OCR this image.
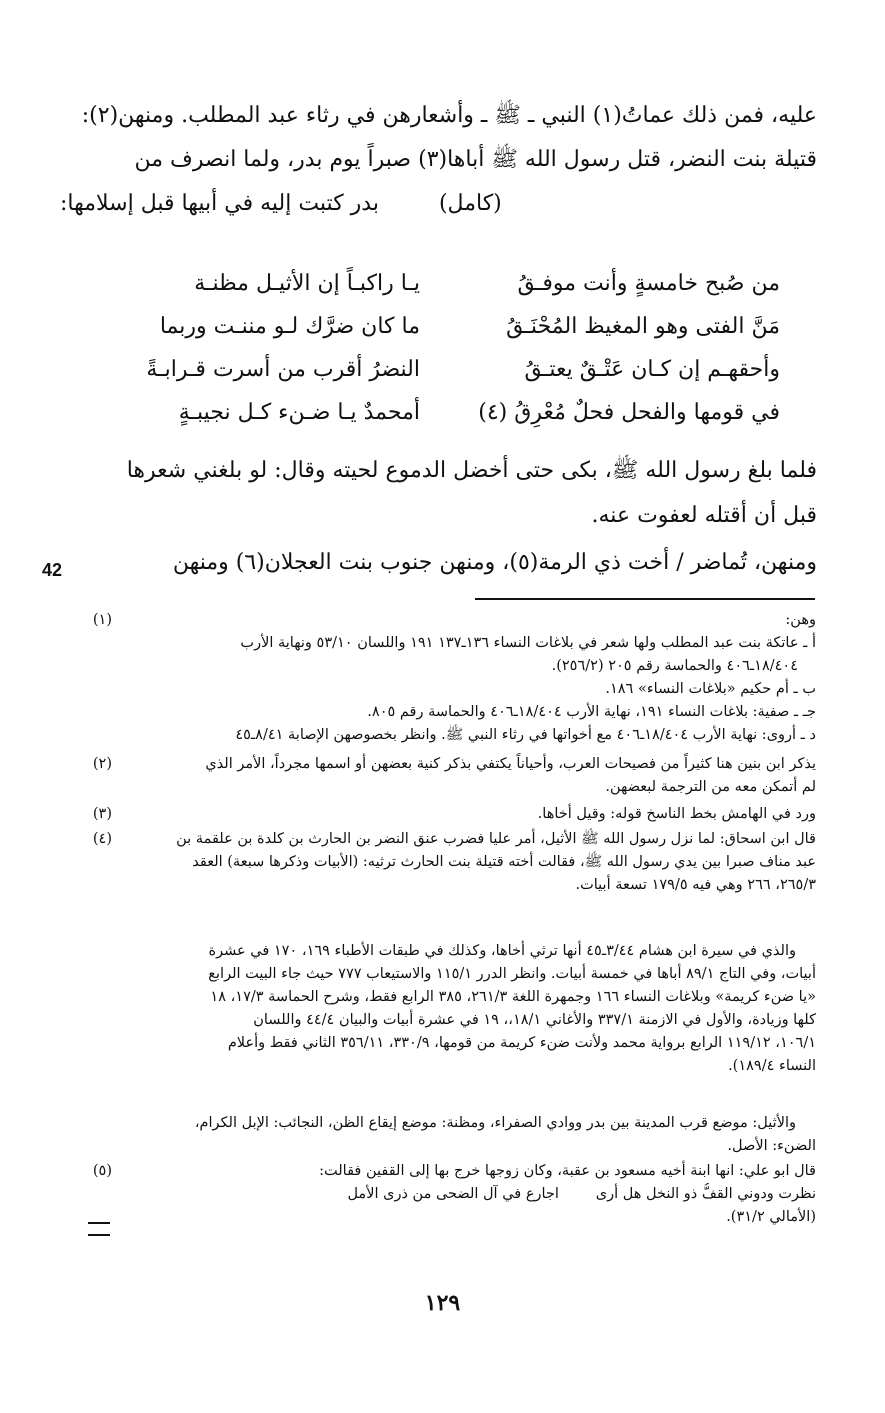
عليه، فمن ذلك عماتُ(١) النبي ـ ﷺ ـ وأشعارهن في رثاء عبد المطلب. ومنهن(٢):
قتيلة بنت النضر، قتل رسول الله ﷺ أباها(٣) صبراً يوم بدر، ولما انصرف من
بدر كتبت إليه في أبيها قبل إسلامها:	(كامل)
يـا راكبـاً إن الأثيـل مظنـة	من صُبح خامسةٍ وأنت موفـقُ
ما كان ضرَّك لـو مننـت وربما	مَنَّ الفتى وهو المغيظ المُحْنَـقُ
النضرُ أقرب من أسرت قـرابـةً	وأحقهـم إن كـان عَتْـقٌ يعتـقُ
أمحمدٌ يـا ضـنء كـل نجيبـةٍ	في قومها والفحل فحلٌ مُعْرِقُ (٤)
فلما بلغ رسول الله ﷺ، بكى حتى أخضل الدموع لحيته وقال: لو بلغني شعرها
قبل أن أقتله لعفوت عنه.
ومنهن، تُماضر / أخت ذي الرمة(٥)، ومنهن جنوب بنت العجلان(٦) ومنهن
42
(١)	وهن:
أ ـ عاتكة بنت عبد المطلب ولها شعر في بلاغات النساء ١٣٦ـ١٣٧ ١٩١ واللسان ٥٣/١٠ ونهاية الأرب
١٨/٤٠٤ـ٤٠٦ والحماسة رقم ٢٠٥ (٢٥٦/٢).
ب ـ أم حكيم «بلاغات النساء» ١٨٦.
جـ ـ صفية: بلاغات النساء ١٩١، نهاية الأرب ١٨/٤٠٤ـ٤٠٦ والحماسة رقم ٨٠٥.
د ـ أروى: نهاية الأرب ١٨/٤٠٤ـ٤٠٦ مع أخواتها في رثاء النبي ﷺ. وانظر بخصوصهن الإصابة ٨/٤١ـ٤٥
(٢)	يذكر ابن بنين هنا كثيراً من فصيحات العرب، وأحياناً يكتفي بذكر كنية بعضهن أو اسمها مجرداً، الأمر الذي
لم أتمكن معه من الترجمة لبعضهن.
(٣)	ورد في الهامش بخط الناسخ قوله: وقيل أخاها.
(٤)	قال ابن اسحاق: لما نزل رسول الله ﷺ الأثيل، أمر عليا فضرب عنق النضر بن الحارث بن كلدة بن علقمة بن
عبد مناف صبرا بين يدي رسول الله ﷺ، فقالت أخته قتيلة بنت الحارث ترثيه: (الأبيات وذكرها سبعة) العقد
٢٦٥/٣، ٢٦٦ وهي فيه ١٧٩/٥ تسعة أبيات.
والذي في سيرة ابن هشام ٣/٤٤ـ٤٥ أنها ترثي أخاها، وكذلك في طبقات الأطباء ١٦٩، ١٧٠ في عشرة
أبيات، وفي التاج ٨٩/١ أباها في خمسة أبيات. وانظر الدرر ١١٥/١ والاستيعاب ٧٧٧ حيث جاء البيت الرابع
«يا ضنء كريمة» وبلاغات النساء ١٦٦ وجمهرة اللغة ٢٦١/٣، ٣٨٥ الرابع فقط، وشرح الحماسة ١٧/٣، ١٨
كلها وزيادة، والأول في الازمنة ٣٣٧/١ والأغاني ١٨/١،، ١٩ في عشرة أبيات والبيان ٤٤/٤ واللسان
١٠٦/١، ١١٩/١٢ الرابع برواية محمد ولأنت ضنء كريمة من قومها، ٣٣٠/٩، ٣٥٦/١١ الثاني فقط وأعلام
النساء ١٨٩/٤).
والأثيل: موضع قرب المدينة بين بدر ووادي الصفراء، ومظنة: موضع إيقاع الظن، النجائب: الإبل الكرام،
الضنء: الأصل.
(٥)	قال ابو علي: انها ابنة أخيه مسعود بن عقبة، وكان زوجها خرج بها إلى القفين فقالت:
نظرت ودوني القفُّ ذو النخل هل أرى        اجارع في آل الضحى من ذرى الأمل
(الأمالي ٣١/٢).
١٢٩
